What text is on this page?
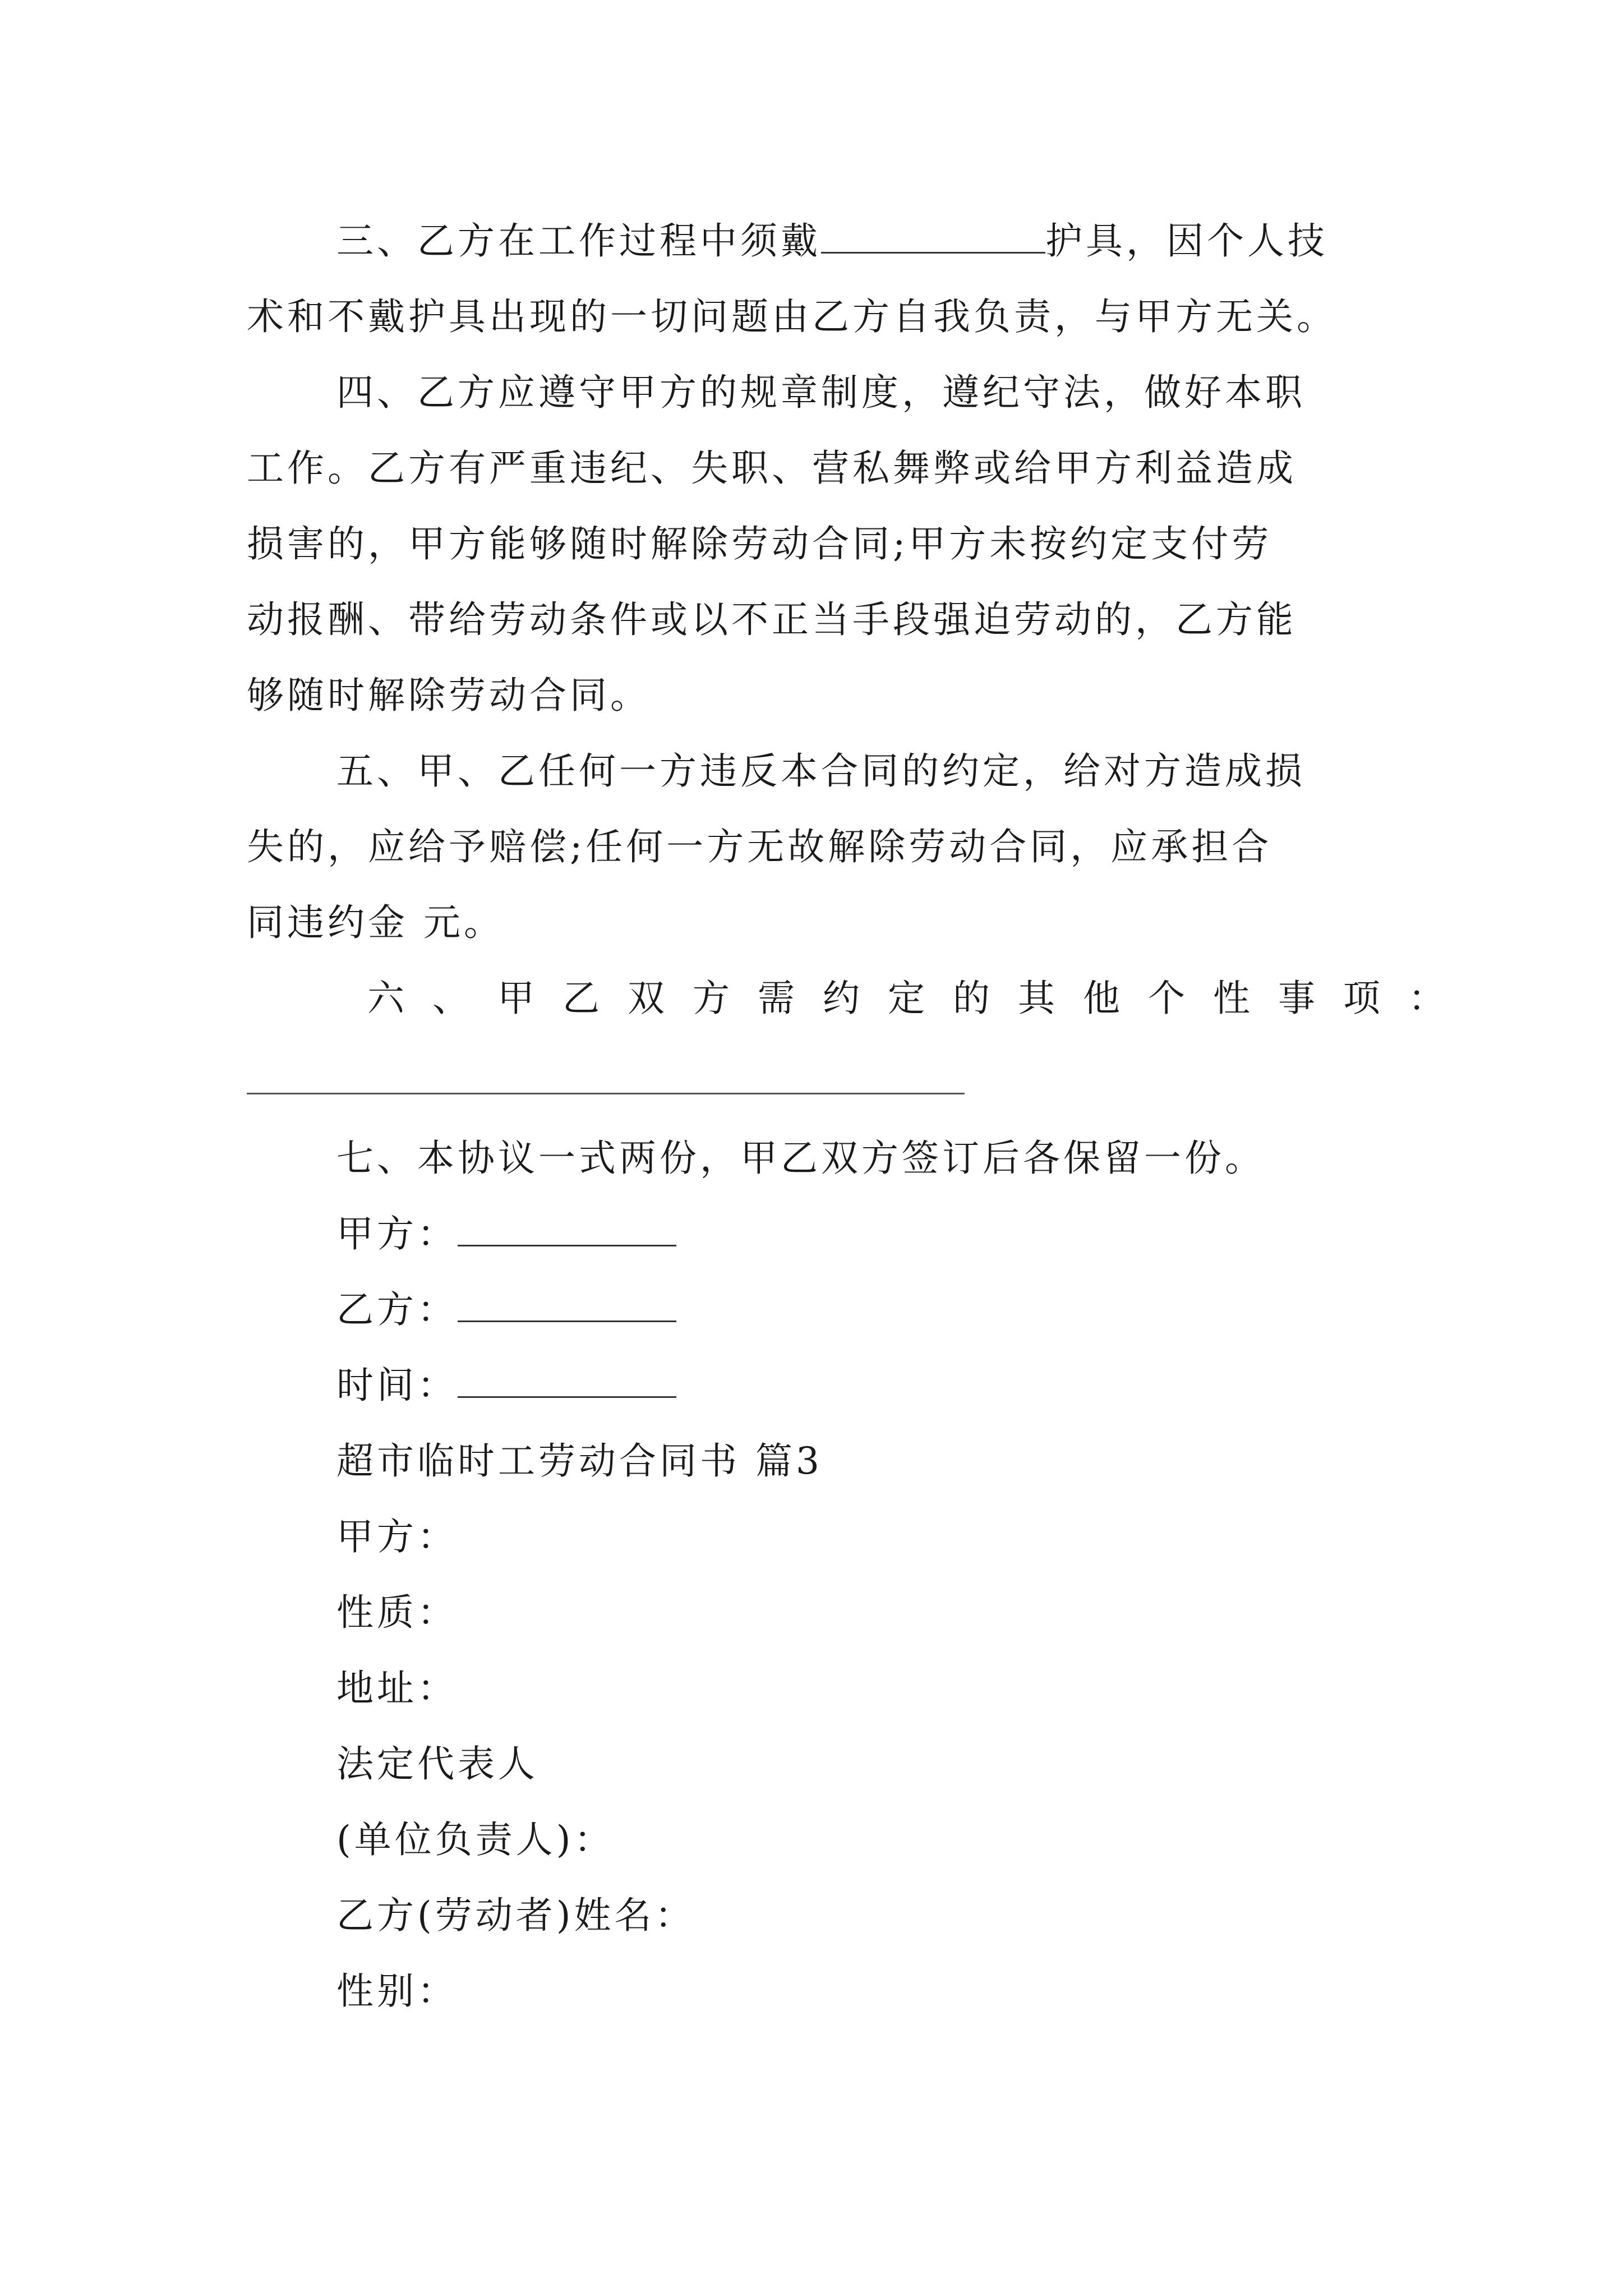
三、乙方在工作过程中须戴	护具，因个人技
术和不戴护具出现的一切问题由乙方自我负责，与甲方无关。
四、乙方应遵守甲方的规章制度，遵纪守法，做好本职
工作。乙方有严重违纪、失职、营私舞弊或给甲方利益造成
损害的，甲方能够随时解除劳动合同;甲方未按约定支付劳
动报酬、带给劳动条件或以不正当手段强迫劳动的，乙方能
够随时解除劳动合同。
五、甲、乙任何一方违反本合同的约定，给对方造成损
失的，应给予赔偿;任何一方无故解除劳动合同，应承担合
同违约金 元。
六、甲乙双方需约定的其他个性事项：
七、本协议一式两份，甲乙双方签订后各保留一份。
甲方：
乙方：
时间：
超市临时工劳动合同书 篇3
甲方：
性质：
地址：
法定代表人
(单位负责人)：
乙方(劳动者)姓名：
性别：
